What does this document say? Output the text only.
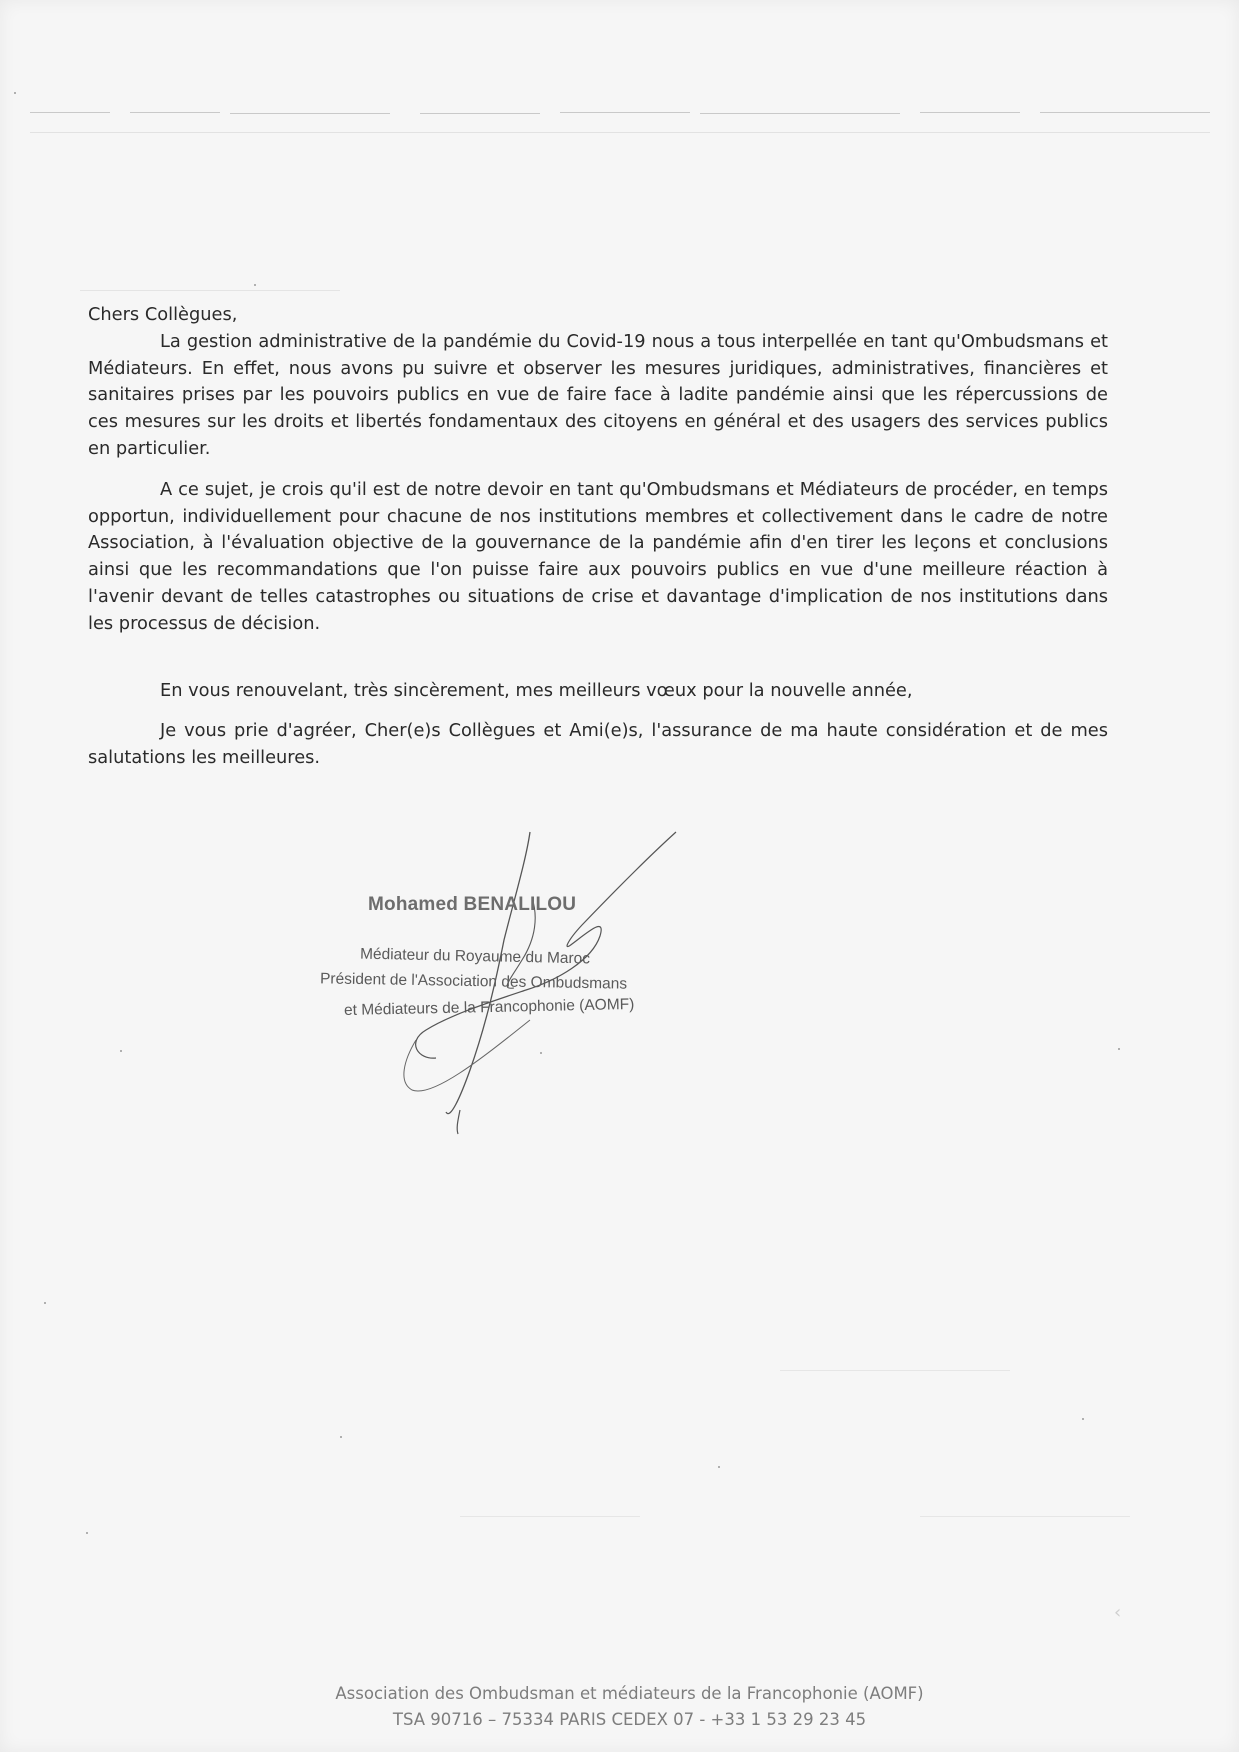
Chers Collègues,

La gestion administrative de la pandémie du Covid-19 nous a tous interpellée en tant qu'Ombudsmans et Médiateurs. En effet, nous avons pu suivre et observer les mesures juridiques, administratives, financières et sanitaires prises par les pouvoirs publics en vue de faire face à ladite pandémie ainsi que les répercussions de ces mesures sur les droits et libertés fondamentaux des citoyens en général et des usagers des services publics en particulier.

A ce sujet, je crois qu'il est de notre devoir en tant qu'Ombudsmans et Médiateurs de procéder, en temps opportun, individuellement pour chacune de nos institutions membres et collectivement dans le cadre de notre Association, à l'évaluation objective de la gouvernance de la pandémie afin d'en tirer les leçons et conclusions ainsi que les recommandations que l'on puisse faire aux pouvoirs publics en vue d'une meilleure réaction à l'avenir devant de telles catastrophes ou situations de crise et davantage d'implication de nos institutions dans les processus de décision.

En vous renouvelant, très sincèrement, mes meilleurs vœux pour la nouvelle année,

Je vous prie d'agréer, Cher(e)s Collègues et Ami(e)s, l'assurance de ma haute considération et de mes salutations les meilleures.

Mohamed BENALILOU
Médiateur du Royaume du Maroc
Président de l'Association des Ombudsmans
et Médiateurs de la Francophonie (AOMF)
‹
Association des Ombudsman et médiateurs de la Francophonie (AOMF)
TSA 90716 – 75334 PARIS CEDEX 07 - +33 1 53 29 23 45
